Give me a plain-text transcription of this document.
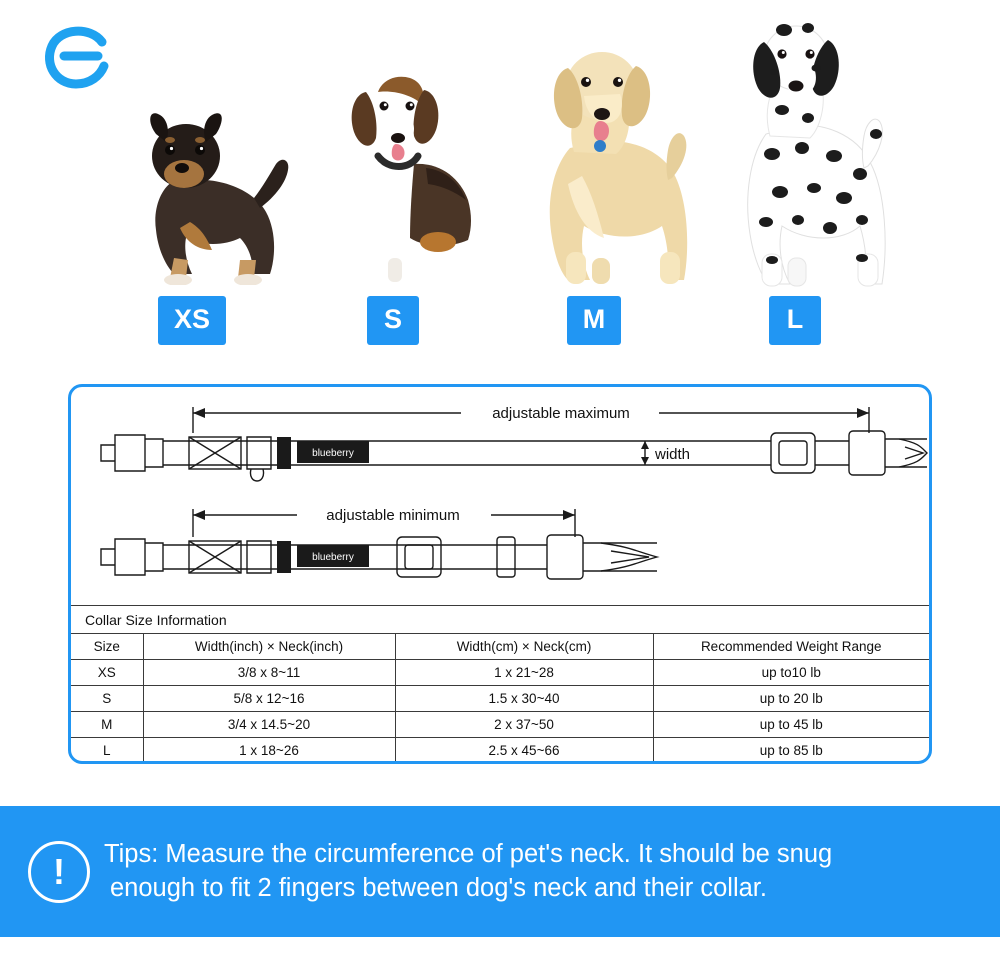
XS	S	M	L
adjustable maximum
adjustable minimum
width
blueberry
blueberry
Collar Size Information			
Size	Width(inch) × Neck(inch)	Width(cm) × Neck(cm)	Recommended Weight Range
XS	3/8 x 8~11	1 x 21~28	up to10 lb
S	5/8 x 12~16	1.5 x 30~40	up to 20 lb
M	3/4 x 14.5~20	2 x 37~50	up to 45 lb
L	1 x 18~26	2.5 x 45~66	up to 85 lb
!	Tips: Measure the circumference of pet's neck. It should be snug
enough to fit 2 fingers between dog's neck and their collar.
